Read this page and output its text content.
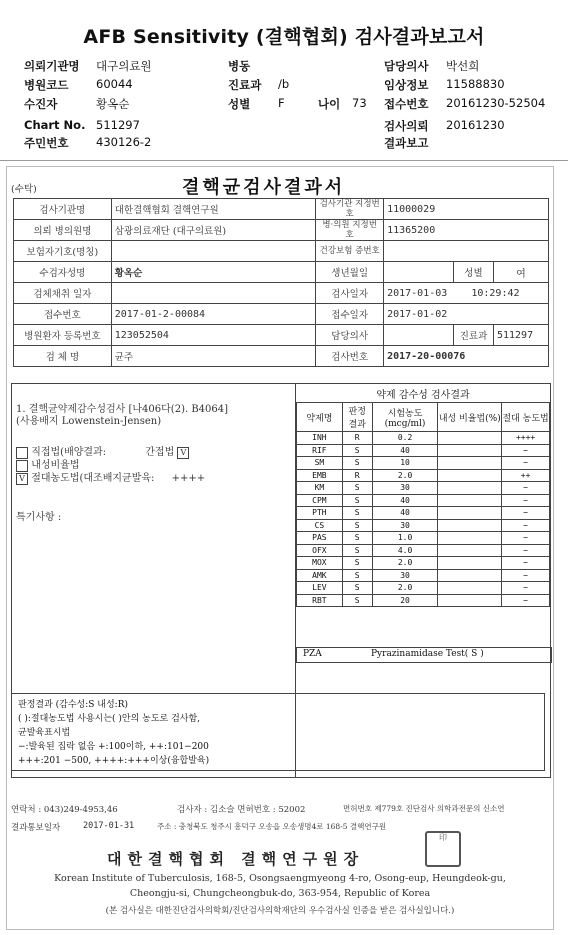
AFB Sensitivity (결핵협회) 검사결과보고서
의뢰기관명 대구의료원	병동	담당의사 박선희
병원코드 60044	진료과 /b	임상정보 11588830
수진자	황옥순	성별 F	나이 73 접수번호 20161230-52504
Chart No. 511297	검사의뢰 20161230
주민번호 430126-2	결과보고
(수탁)	결핵균검사결과서
검사기관명	대한결핵협회 결핵연구원	검사기관 지정번호	11000029		
의뢰 병의원명	삼광의료재단 (대구의료원)	병·의원 지정번호	11365200		
보험자기호(명칭)		건강보험 증번호			
수검자성명	황옥순	생년월일		성별	여
검체채취 일자		검사일자	2017-01-03    10:29:42		
접수번호	2017-01-2-00084	접수일자	2017-01-02		
병원환자 등록번호	123052504	담당의사		진료과	511297
검 체 명	균주	검사번호	2017-20-00076		
1. 결핵균약제감수성검사 [나406다(2). B4064]
(사용배지 Lowenstein-Jensen)
직접법(배양결과:	간접법 V
내성비율법
V 절대농도법(대조배지균발육: ++++
특기사항 :
약제 감수성 검사결과
약제명	판정 결과	시험농도 (mcg/ml)	내성 비율법(%)	절대 농도법
INH	R	0.2		++++
RIF	S	40		−
SM	S	10		−
EMB	R	2.0		++
KM	S	30		−
CPM	S	40		−
PTH	S	40		−
CS	S	30		−
PAS	S	1.0		−
OFX	S	4.0		−
MOX	S	2.0		−
AMK	S	30		−
LEV	S	2.0		−
RBT	S	20		−
PZA	Pyrazinamidase Test( S )
판정결과 (감수성:S 내성:R)
( ):절대농도법 사용시는( )안의 농도로 검사함,
균발육표시법
−:발육된 집락 없음 +:100이하, ++:101−200
+++:201 −500, ++++:+++이상(융합발육)
연락처 : 043)249-4953,46	검사자 : 김소슬 면허번호 : 52002	면허번호 제779호 진단검사 의학과전문의 신소연
결과통보일자	2017-01-31	주소 : 충청북도 청주시 흥덕구 오송읍 오송생명4로 168-5 결핵연구원
대한결핵협회 결핵연구원장
印
Korean Institute of Tuberculosis, 168-5, Osongsaengmyeong 4-ro, Osong-eup, Heungdeok-gu,
Cheongju-si, Chungcheongbuk-do, 363-954, Republic of Korea
(본 검사실은 대한진단검사의학회/진단검사의학재단의 우수검사실 인증을 받은 검사실입니다.)
